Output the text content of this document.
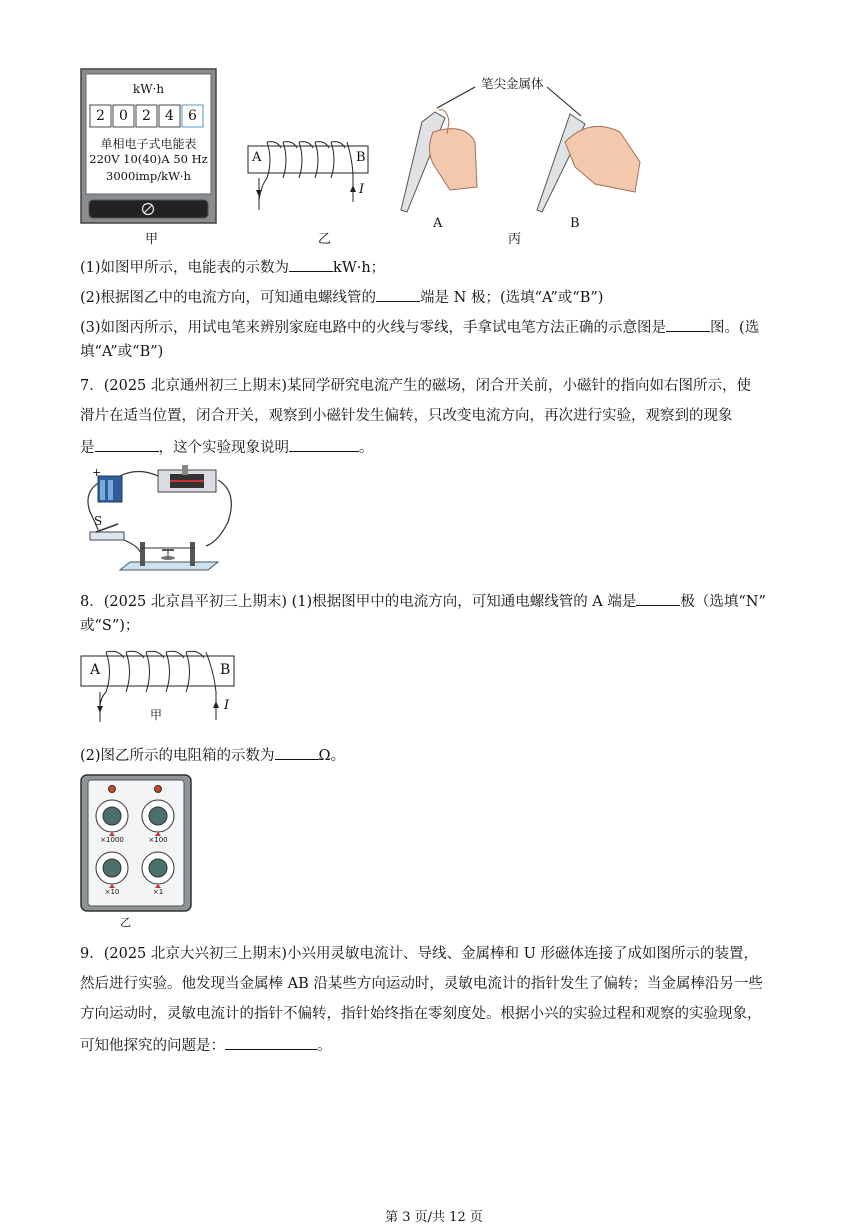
kW·h
2	0	2	4	6
单相电子式电能表
220V 10(40)A 50 Hz
3000imp/kW·h
甲
A	B
I
乙
笔尖金属体
A	B
丙
(1)如图甲所示，电能表的示数为	kW·h；
(2)根据图乙中的电流方向，可知通电螺线管的	端是 N 极；(选填“A”或“B”)
(3)如图丙所示，用试电笔来辨别家庭电路中的火线与零线，手拿试电笔方法正确的示意图是	图。(选
填“A”或“B”)
7．(2025 北京通州初三上期末)某同学研究电流产生的磁场，闭合开关前，小磁针的指向如右图所示，使
滑片在适当位置，闭合开关，观察到小磁针发生偏转，只改变电流方向，再次进行实验，观察到的现象
是	，这个实验现象说明	。
+
S
8．(2025 北京昌平初三上期末) (1)根据图甲中的电流方向，可知通电螺线管的 A 端是	极（选填“N”
或“S”)；
A	B
I
甲
(2)图乙所示的电阻箱的示数为	Ω。
×1000	×100
×10	×1
乙
9．(2025 北京大兴初三上期末)小兴用灵敏电流计、导线、金属棒和 U 形磁体连接了成如图所示的装置，
然后进行实验。他发现当金属棒 AB 沿某些方向运动时，灵敏电流计的指针发生了偏转；当金属棒沿另一些
方向运动时，灵敏电流计的指针不偏转，指针始终指在零刻度处。根据小兴的实验过程和观察的实验现象，
可知他探究的问题是：	。
第 3 页/共 12 页
